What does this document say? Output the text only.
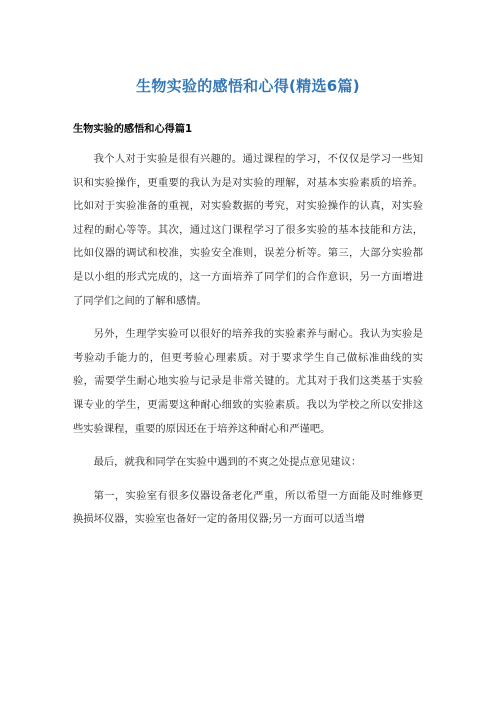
生物实验的感悟和心得(精选6篇)
生物实验的感悟和心得篇1

我个人对于实验是很有兴趣的。通过课程的学习，不仅仅是学习一些知识和实验操作，更重要的我认为是对实验的理解，对基本实验素质的培养。比如对于实验准备的重视，对实验数据的考究，对实验操作的认真，对实验过程的耐心等等。其次，通过这门课程学习了很多实验的基本技能和方法，比如仪器的调试和校准，实验安全准则，误差分析等。第三，大部分实验都是以小组的形式完成的，这一方面培养了同学们的合作意识，另一方面增进了同学们之间的了解和感情。

另外，生理学实验可以很好的培养我的实验素养与耐心。我认为实验是考验动手能力的，但更考验心理素质。对于要求学生自己做标准曲线的实验，需要学生耐心地实验与记录是非常关键的。尤其对于我们这类基于实验课专业的学生，更需要这种耐心细致的实验素质。我以为学校之所以安排这些实验课程，重要的原因还在于培养这种耐心和严谨吧。

最后，就我和同学在实验中遇到的不爽之处提点意见建议：

第一，实验室有很多仪器设备老化严重，所以希望一方面能及时维修更换损坏仪器，实验室也备好一定的备用仪器;另一方面可以适当增
